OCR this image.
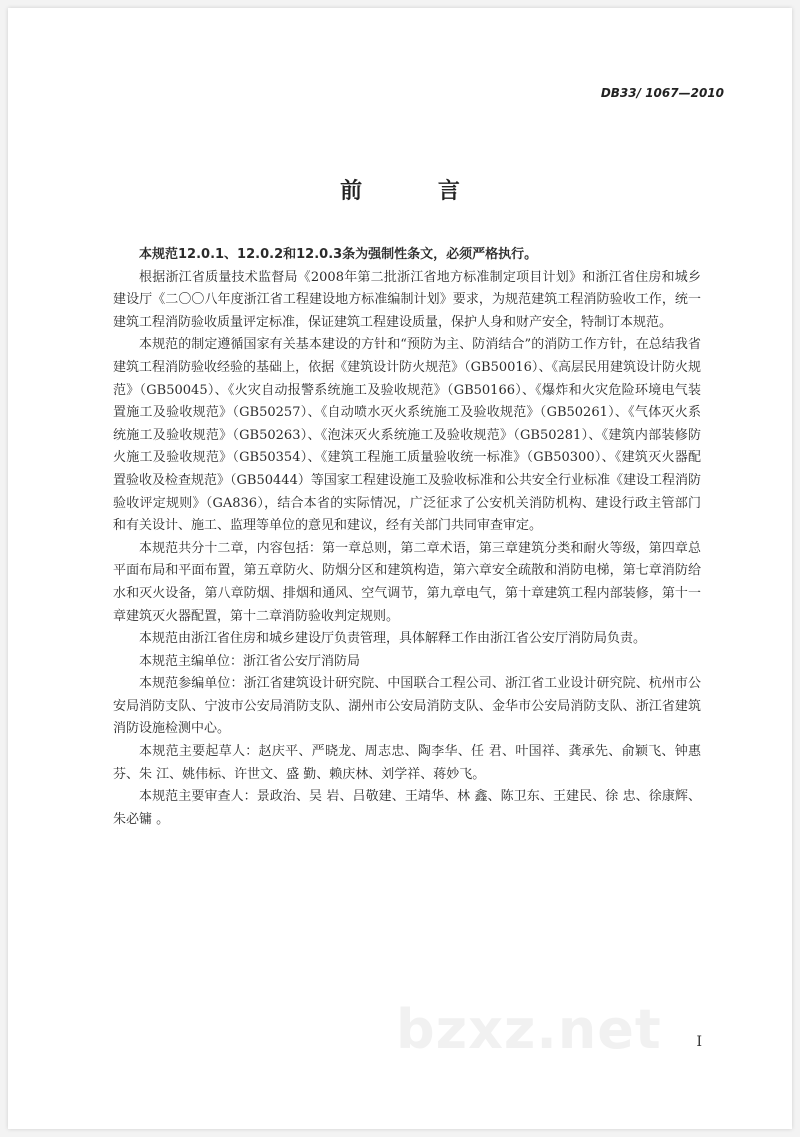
DB33/ 1067—2010
前 言

本规范12.0.1、12.0.2和12.0.3条为强制性条文，必须严格执行。

根据浙江省质量技术监督局《2008年第二批浙江省地方标准制定项目计划》和浙江省住房和城乡建设厅《二〇〇八年度浙江省工程建设地方标准编制计划》要求，为规范建筑工程消防验收工作，统一建筑工程消防验收质量评定标准，保证建筑工程建设质量，保护人身和财产安全，特制订本规范。

本规范的制定遵循国家有关基本建设的方针和“预防为主、防消结合”的消防工作方针，在总结我省建筑工程消防验收经验的基础上，依据《建筑设计防火规范》（GB50016）、《高层民用建筑设计防火规范》（GB50045）、《火灾自动报警系统施工及验收规范》（GB50166）、《爆炸和火灾危险环境电气装置施工及验收规范》（GB50257）、《自动喷水灭火系统施工及验收规范》（GB50261）、《气体灭火系统施工及验收规范》（GB50263）、《泡沫灭火系统施工及验收规范》（GB50281）、《建筑内部装修防火施工及验收规范》（GB50354）、《建筑工程施工质量验收统一标准》（GB50300）、《建筑灭火器配置验收及检查规范》（GB50444）等国家工程建设施工及验收标准和公共安全行业标准《建设工程消防验收评定规则》（GA836），结合本省的实际情况，广泛征求了公安机关消防机构、建设行政主管部门和有关设计、施工、监理等单位的意见和建议，经有关部门共同审查审定。

本规范共分十二章，内容包括：第一章总则，第二章术语，第三章建筑分类和耐火等级，第四章总平面布局和平面布置，第五章防火、防烟分区和建筑构造，第六章安全疏散和消防电梯，第七章消防给水和灭火设备，第八章防烟、排烟和通风、空气调节，第九章电气，第十章建筑工程内部装修，第十一章建筑灭火器配置，第十二章消防验收判定规则。

本规范由浙江省住房和城乡建设厅负责管理，具体解释工作由浙江省公安厅消防局负责。

本规范主编单位：浙江省公安厅消防局

本规范参编单位：浙江省建筑设计研究院、中国联合工程公司、浙江省工业设计研究院、杭州市公安局消防支队、宁波市公安局消防支队、湖州市公安局消防支队、金华市公安局消防支队、浙江省建筑消防设施检测中心。

本规范主要起草人：赵庆平、严晓龙、周志忠、陶李华、任 君、叶国祥、龚承先、俞颖飞、钟惠芬、朱 江、姚伟标、许世文、盛 勤、赖庆林、刘学祥、蒋妙飞。

本规范主要审查人：景政治、吴 岩、吕敬建、王靖华、林 鑫、陈卫东、王建民、徐 忠、徐康辉、朱必镛 。

bzxz.net I
